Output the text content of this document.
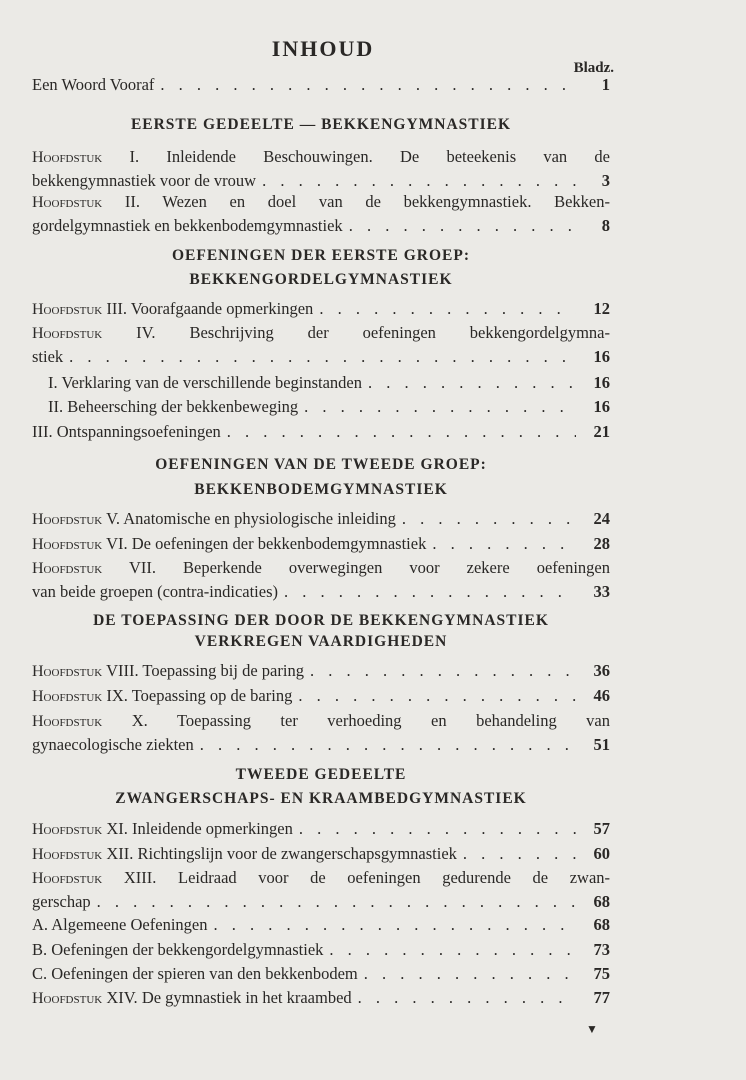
INHOUD
Bladz.
Een Woord Vooraf . . .	1
EERSTE GEDEELTE — BEKKENGYMNASTIEK
Hoofdstuk I. Inleidende Beschouwingen. De beteekenis van de
bekkengymnastiek voor de vrouw . . .	3
Hoofdstuk II. Wezen en doel van de bekkengymnastiek. Bekken-
gordelgymnastiek en bekkenbodemgymnastiek . . .	8
OEFENINGEN DER EERSTE GROEP:
BEKKENGORDELGYMNASTIEK
Hoofdstuk III. Voorafgaande opmerkingen . . .	12
Hoofdstuk IV. Beschrijving der oefeningen bekkengordelgymna-
stiek . . .	16
I. Verklaring van de verschillende beginstanden . . .	16
II. Beheersching der bekkenbeweging . . .	16
III. Ontspanningsoefeningen . . .	21
OEFENINGEN VAN DE TWEEDE GROEP:
BEKKENBODEMGYMNASTIEK
Hoofdstuk V. Anatomische en physiologische inleiding . . .	24
Hoofdstuk VI. De oefeningen der bekkenbodemgymnastiek . . .	28
Hoofdstuk VII. Beperkende overwegingen voor zekere oefeningen
van beide groepen (contra-indicaties) . . .	33
DE TOEPASSING DER DOOR DE BEKKENGYMNASTIEK
VERKREGEN VAARDIGHEDEN
Hoofdstuk VIII. Toepassing bij de paring . . .	36
Hoofdstuk IX. Toepassing op de baring . . .	46
Hoofdstuk X. Toepassing ter verhoeding en behandeling van
gynaecologische ziekten . . .	51
TWEEDE GEDEELTE
ZWANGERSCHAPS- EN KRAAMBEDGYMNASTIEK
Hoofdstuk XI. Inleidende opmerkingen . . .	57
Hoofdstuk XII. Richtingslijn voor de zwangerschapsgymnastiek . . .	60
Hoofdstuk XIII. Leidraad voor de oefeningen gedurende de zwan-
gerschap . . .	68
A. Algemeene Oefeningen . . .	68
B. Oefeningen der bekkengordelgymnastiek . . .	73
C. Oefeningen der spieren van den bekkenbodem . . .	75
Hoofdstuk XIV. De gymnastiek in het kraambed . . .	77
▼
